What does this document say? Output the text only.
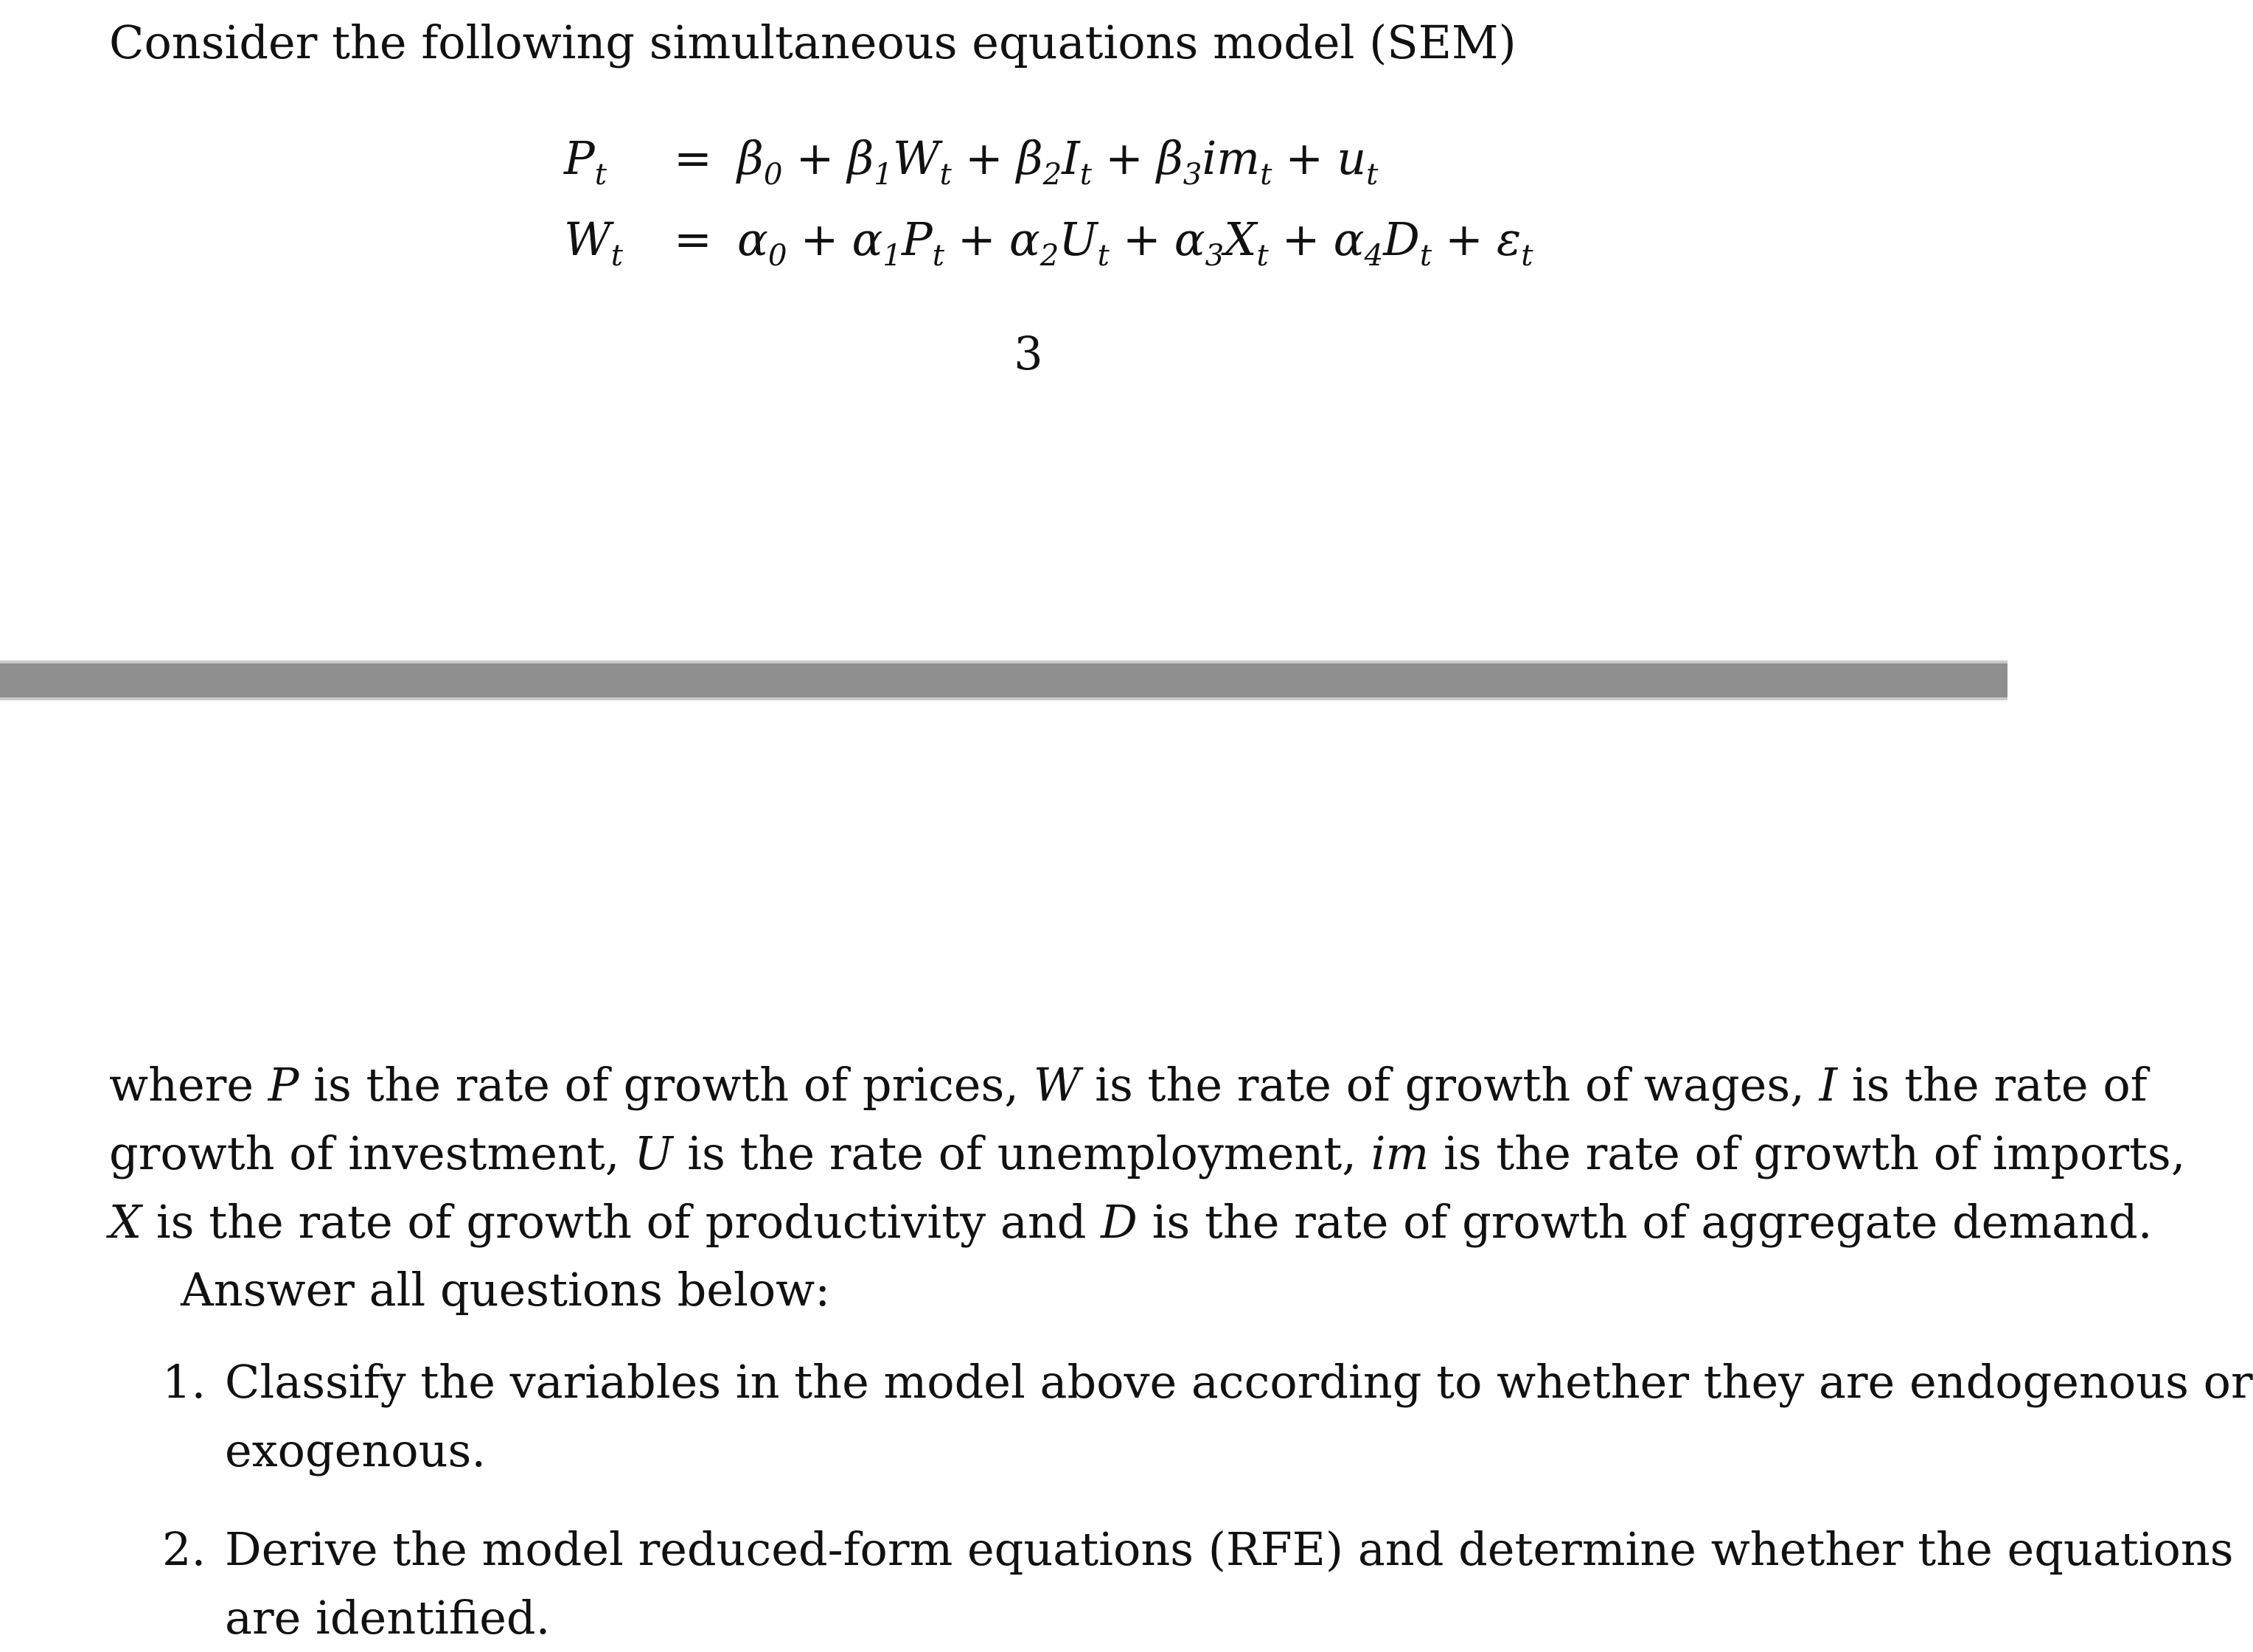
Consider the following simultaneous equations model (SEM)
$P_t$	= $\beta_0 + \beta_1W_t + \beta_2I_t + \beta_3im_t + u_t$
$W_t = \alpha_0 + \alpha_1P_t + \alpha_2U_t + \alpha_3X_t + \alpha_4D_t + \varepsilon_t$
3
where P is the rate of growth of prices, W is the rate of growth of wages, I is the rate of
growth of investment, U is the rate of unemployment, im is the rate of growth of imports,
X is the rate of growth of productivity and D is the rate of growth of aggregate demand.
Answer all questions below:
1. Classify the variables in the model above according to whether they are endogenous or
exogenous.
2. Derive the model reduced-form equations (RFE) and determine whether the equations
are identified.
